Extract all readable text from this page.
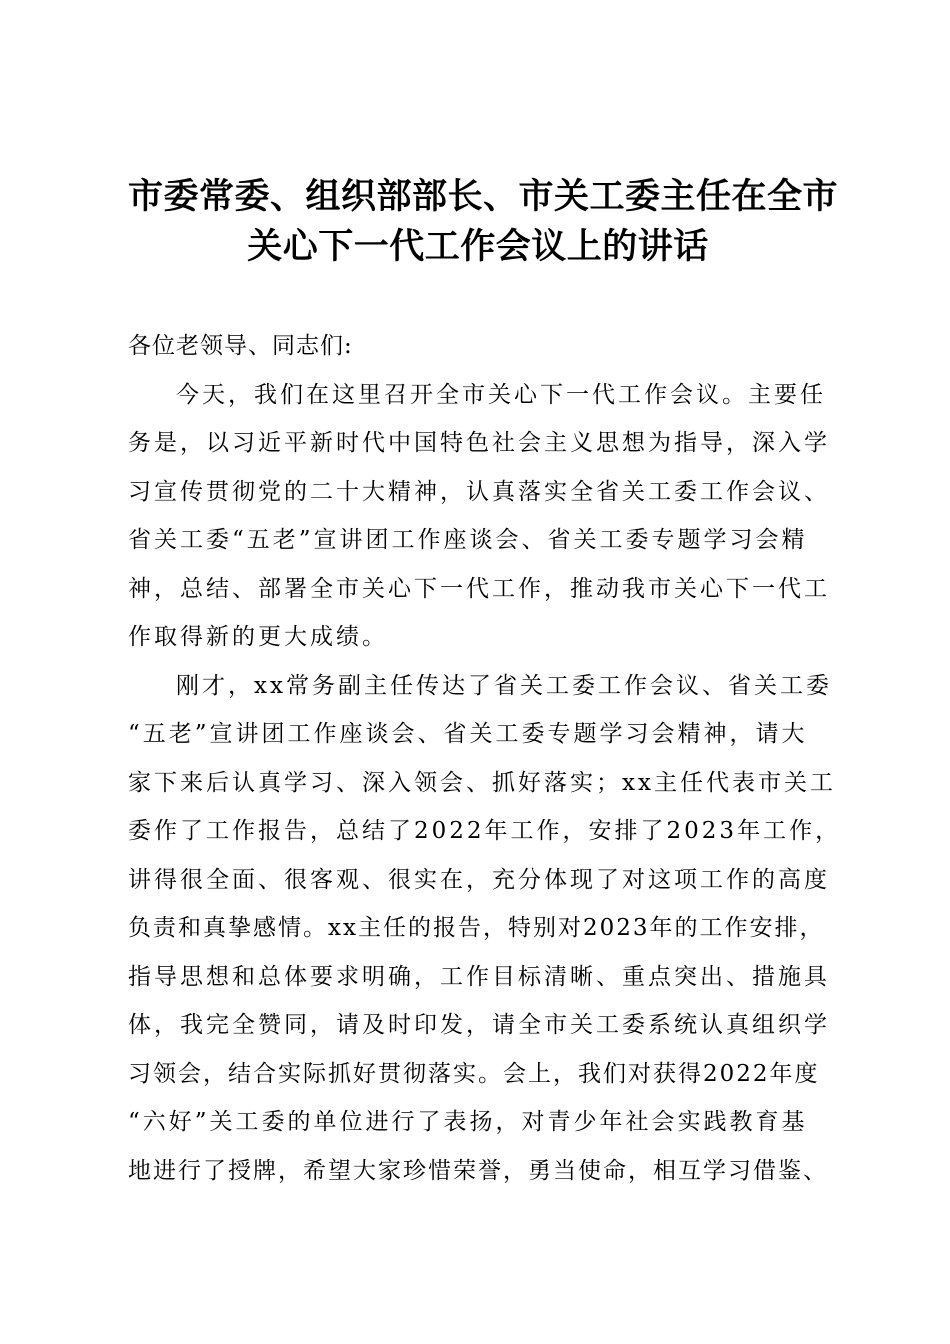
市委常委、组织部部长、市关工委主任在全市
关心下一代工作会议上的讲话
各位老领导、同志们:
今天，我们在这里召开全市关心下一代工作会议。主要任
务是，以习近平新时代中国特色社会主义思想为指导，深入学
习宣传贯彻党的二十大精神，认真落实全省关工委工作会议、
省关工委“五老”宣讲团工作座谈会、省关工委专题学习会精
神，总结、部署全市关心下一代工作，推动我市关心下一代工
作取得新的更大成绩。
刚才，xx常务副主任传达了省关工委工作会议、省关工委
“五老”宣讲团工作座谈会、省关工委专题学习会精神，请大
家下来后认真学习、深入领会、抓好落实；xx主任代表市关工
委作了工作报告，总结了2022年工作，安排了2023年工作，
讲得很全面、很客观、很实在，充分体现了对这项工作的高度
负责和真挚感情。xx主任的报告，特别对2023年的工作安排，
指导思想和总体要求明确，工作目标清晰、重点突出、措施具
体，我完全赞同，请及时印发，请全市关工委系统认真组织学
习领会，结合实际抓好贯彻落实。会上，我们对获得2022年度
“六好”关工委的单位进行了表扬，对青少年社会实践教育基
地进行了授牌，希望大家珍惜荣誉，勇当使命，相互学习借鉴、
